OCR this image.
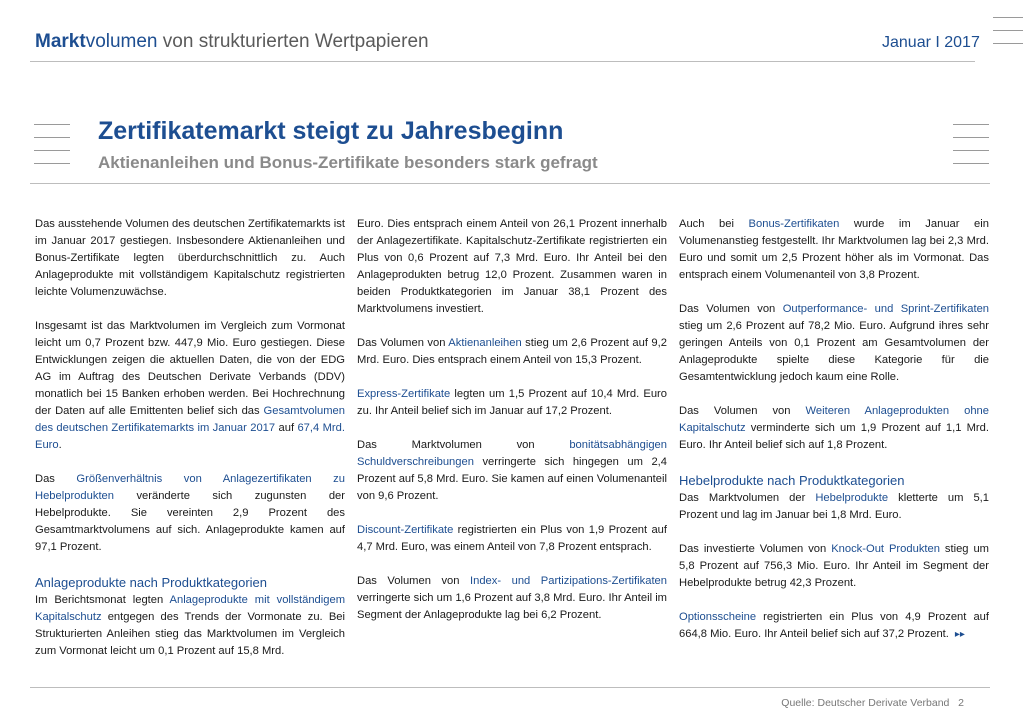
Marktvolumen von strukturierten Wertpapieren	Januar I 2017
Zertifikatemarkt steigt zu Jahresbeginn
Aktienanleihen und Bonus-Zertifikate besonders stark gefragt

Das ausstehende Volumen des deutschen Zertifikatemarkts ist im Januar 2017 gestiegen. Insbesondere Aktienanleihen und Bonus-Zertifikate legten überdurchschnittlich zu. Auch Anlageprodukte mit vollständigem Kapitalschutz registrierten leichte Volumenzuwächse.

Insgesamt ist das Marktvolumen im Vergleich zum Vormonat leicht um 0,7 Prozent bzw. 447,9 Mio. Euro gestiegen. Diese Entwicklungen zeigen die aktuellen Daten, die von der EDG AG im Auftrag des Deutschen Derivate Verbands (DDV) monatlich bei 15 Banken erhoben werden. Bei Hochrechnung der Daten auf alle Emittenten belief sich das Gesamtvolumen des deutschen Zertifikatemarkts im Januar 2017 auf 67,4 Mrd. Euro.

Das Größenverhältnis von Anlagezertifikaten zu Hebelprodukten veränderte sich zugunsten der Hebelprodukte. Sie vereinten 2,9 Prozent des Gesamtmarktvolumens auf sich. Anlageprodukte kamen auf 97,1 Prozent.

Anlageprodukte nach Produktkategorien

Im Berichtsmonat legten Anlageprodukte mit vollständigem Kapitalschutz entgegen des Trends der Vormonate zu. Bei Strukturierten Anleihen stieg das Marktvolumen im Vergleich zum Vormonat leicht um 0,1 Prozent auf 15,8 Mrd.

Euro. Dies entsprach einem Anteil von 26,1 Prozent innerhalb der Anlagezertifikate. Kapitalschutz-Zertifikate registrierten ein Plus von 0,6 Prozent auf 7,3 Mrd. Euro. Ihr Anteil bei den Anlageprodukten betrug 12,0 Prozent. Zusammen waren in beiden Produktkategorien im Januar 38,1 Prozent des Marktvolumens investiert.

Das Volumen von Aktienanleihen stieg um 2,6 Prozent auf 9,2 Mrd. Euro. Dies entsprach einem Anteil von 15,3 Prozent.

Express-Zertifikate legten um 1,5 Prozent auf 10,4 Mrd. Euro zu. Ihr Anteil belief sich im Januar auf 17,2 Prozent.

Das Marktvolumen von bonitätsabhängigen Schuldverschreibungen verringerte sich hingegen um 2,4 Prozent auf 5,8 Mrd. Euro. Sie kamen auf einen Volumenanteil von 9,6 Prozent.

Discount-Zertifikate registrierten ein Plus von 1,9 Prozent auf 4,7 Mrd. Euro, was einem Anteil von 7,8 Prozent entsprach.

Das Volumen von Index- und Partizipations-Zertifikaten verringerte sich um 1,6 Prozent auf 3,8 Mrd. Euro. Ihr Anteil im Segment der Anlageprodukte lag bei 6,2 Prozent.

Auch bei Bonus-Zertifikaten wurde im Januar ein Volumenanstieg festgestellt. Ihr Marktvolumen lag bei 2,3 Mrd. Euro und somit um 2,5 Prozent höher als im Vormonat. Das entsprach einem Volumenanteil von 3,8 Prozent.

Das Volumen von Outperformance- und Sprint-Zertifikaten stieg um 2,6 Prozent auf 78,2 Mio. Euro. Aufgrund ihres sehr geringen Anteils von 0,1 Prozent am Gesamtvolumen der Anlageprodukte spielte diese Kategorie für die Gesamtentwicklung jedoch kaum eine Rolle.

Das Volumen von Weiteren Anlageprodukten ohne Kapitalschutz verminderte sich um 1,9 Prozent auf 1,1 Mrd. Euro. Ihr Anteil belief sich auf 1,8 Prozent.

Hebelprodukte nach Produktkategorien

Das Marktvolumen der Hebelprodukte kletterte um 5,1 Prozent und lag im Januar bei 1,8 Mrd. Euro.

Das investierte Volumen von Knock-Out Produkten stieg um 5,8 Prozent auf 756,3 Mio. Euro. Ihr Anteil im Segment der Hebelprodukte betrug 42,3 Prozent.

Optionsscheine registrierten ein Plus von 4,9 Prozent auf 664,8 Mio. Euro. Ihr Anteil belief sich auf 37,2 Prozent. ▸▸

Quelle: Deutscher Derivate Verband 2
